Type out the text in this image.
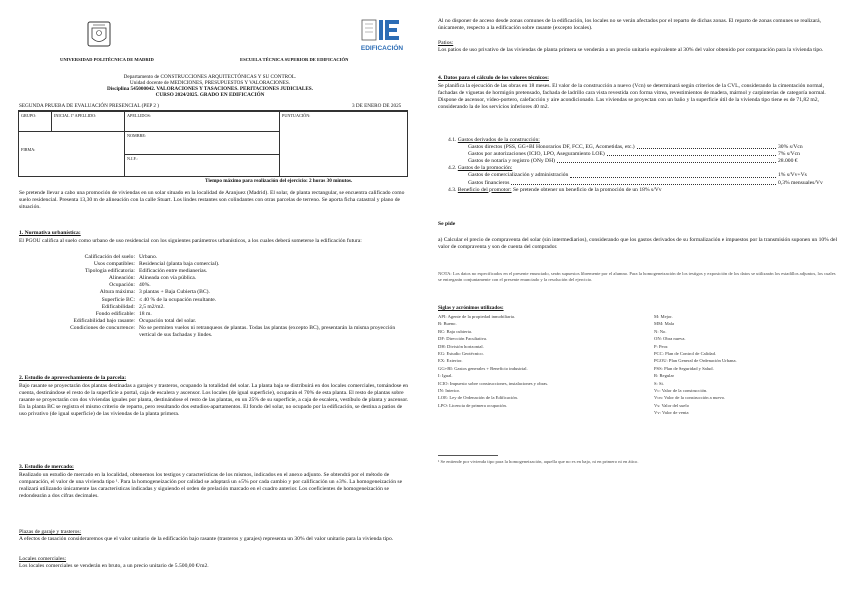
UNIVERSIDAD POLITÉCNICA DE MADRID	ESCUELA TÉCNICA SUPERIOR DE EDIFICACIÓN
EDIFICACIÓN
Departamento de CONSTRUCCIONES ARQUITECTÓNICAS Y SU CONTROL.
Unidad docente de MEDICIONES, PRESUPUESTOS Y VALORACIONES.
Disciplina 545000042. VALORACIONES Y TASACIONES. PERITACIONES JUDICIALES.
CURSO 2024/2025. GRADO EN EDIFICACIÓN
SEGUNDA PRUEBA DE EVALUACIÓN PRESENCIAL (PEP 2 )	3 DE ENERO DE 2025
GRUPO:	INICIAL 1º APELLIDO:	APELLIDOS:	PUNTUACIÓN:

FIRMA:		NOMBRE:	
		N.I.F.:	
Tiempo máximo para realización del ejercicio: 2 horas 30 minutos.

Se pretende llevar a cabo una promoción de viviendas en un solar situado en la localidad de Aranjuez (Madrid). El solar, de planta rectangular, se encuentra calificado como suelo residencial. Presenta 13,30 m de alineación con la calle Stuart. Los lindes restantes son colindantes con otras parcelas de terreno. Se aporta ficha catastral y plano de situación.

1. Normativa urbanística:

El PGOU califica al suelo como urbano de uso residencial con los siguientes parámetros urbanísticos, a los cuales deberá someterse la edificación futura:

Calificación del suelo: Urbano.
Usos compatibles: Residencial (planta baja comercial).
Tipología edificatoria: Edificación entre medianerías.
Alineación: Alineada con vía pública.
Ocupación: 40%.
Altura máxima: 3 plantas + Baja Cubierta (BC).
Superficie BC: ≤ 40 % de la ocupación resultante.
Edificabilidad: 2,5 m2/m2.
Fondo edificable: 18 m.
Edificabilidad bajo rasante: Ocupación total del solar.
Condiciones de concurrence: No se permiten vuelos ni retranqueos de plantas. Todas las plantas (excepto BC), presentarán la misma proyección vertical de sus fachadas y lindes.
2. Estudio de aprovechamiento de la parcela:

Bajo rasante se proyectarán dos plantas destinadas a garajes y trasteros, ocupando la totalidad del solar. La planta baja se distribuirá en dos locales comerciales, tomándose en cuenta, destinándose el resto de la superficie a portal, caja de escalera y ascensor. Los locales (de igual superficie), ocuparán el 70% de esta planta. El resto de plantas sobre rasante se proyectarán con dos viviendas iguales por planta, destinándose el resto de las plantas, en un 25% de su superficie, a caja de escalera, vestíbulo de planta y ascensor. En la planta BC se registra el mismo criterio de reparto, pero resultando dos estudios-apartamentos. El fondo del solar, no ocupado por la edificación, se destina a patios de uso privativo (de igual superficie) de las viviendas de la planta primera.

3. Estudio de mercado:

Realizado un estudio de mercado en la localidad, obtenemos los testigos y características de los mismos, indicados en el anexo adjunto. Se obtendrá por el método de comparación, el valor de una vivienda tipo ¹. Para la homogeneización por calidad se adoptará un ±5% por cada cambio y por calificación un ±3%. La homogeneización se realizará utilizando únicamente las características indicadas y siguiendo el orden de prelación marcado en el cuadro anterior. Los coeficientes de homogeneización se redondearán a dos cifras decimales.

Plazas de garaje y trasteros:

A efectos de tasación consideraremos que el valor unitario de la edificación bajo rasante (trasteros y garajes) representa un 30% del valor unitario para la vivienda tipo.

Locales comerciales:

Los locales comerciales se venderán en bruto, a un precio unitario de 5.500,00 €/m2.

Al no disponer de acceso desde zonas comunes de la edificación, los locales no se verán afectados por el reparto de dichas zonas. El reparto de zonas comunes se realizará, únicamente, respecto a la edificación sobre rasante (excepto locales).

Patios:

Los patios de uso privativo de las viviendas de planta primera se venderán a un precio unitario equivalente al 30% del valor obtenido por comparación para la vivienda tipo.

4. Datos para el cálculo de los valores técnicos:

Se planifica la ejecución de las obras en 18 meses. El valor de la construcción a nuevo (Vcn) se determinará según criterios de la CVL, considerando la cimentación normal, fachadas de viguetas de hormigón pretensado, fachada de ladrillo cara vista revestida con forma vitrea, revestimientos de madera, mármol y carpinterías de categoría normal. Dispone de ascensor, vídeo-portero, calefacción y aire acondicionado. Las viviendas se proyectan con un baño y la superficie útil de la vivienda tipo tiene es de 71,82 m2, considerando la de los servicios inferiores 40 m2.

4.1. Gastos derivados de la construcción:
Gastos directos (PSS, GG+BI Honorarios DF, FCC, EG, Acometidas, etc.)	30% s/Vcn
Gastos por autorizaciones (ICIO, LPO, Aseguramiento LOE)	7% s/Vcn
Gastos de notaría y registro (ONy DH)	28.000 €
4.2. Gastos de la promoción:
Gastos de comercialización y administración	1% s/Vv+Vs
Gastos financieros	0,3% mensuales/Vv
4.3. Beneficio del promotor: Se pretende obtener un beneficio de la promoción de un 18% s/Vv
Se pide

a) Calcular el precio de compraventa del solar (sin intermediarios), considerando que los gastos derivados de su formalización e impuestos por la transmisión suponen un 10% del valor de compraventa y son de cuenta del comprador.

NOTA: Los datos no especificados en el presente enunciado, serán supuestos libremente por el alumno. Para la homogeneización de los testigos y exposición de los datos se utilizarán los estadillos adjuntos, los cuales se entregarán conjuntamente con el presente enunciado y la resolución del ejercicio.

Siglas y acrónimos utilizados:
API: Agente de la propiedad inmobiliaria.
B: Bueno.
BC: Baja cubierta.
DF: Dirección Facultativa.
DH: División horizontal.
EG: Estudio Geotécnico.
EX: Exterior.
GG+BI: Gastos generales + Beneficio industrial.
I: Igual.
ICIO: Impuesto sobre construcciones, instalaciones y obras.
IN: Interior.
LOE: Ley de Ordenación de la Edificación.
LPO: Licencia de primera ocupación.
M: Mejor.
MM: Mala
N: No.
ON: Obra nueva.
P: Peor.
PCC: Plan de Control de Calidad.
PGOU: Plan General de Ordenación Urbana.
PSS: Plan de Seguridad y Salud.
R: Regular
S: Si.
Vc: Valor de la construcción.
Vcn: Valor de la construcción a nuevo.
Vs: Valor del suelo
Vv: Valor de venta

¹ Se entiende por vivienda tipo para la homogeneización, aquella que no es en bajo, ni en primero ni en ático.
